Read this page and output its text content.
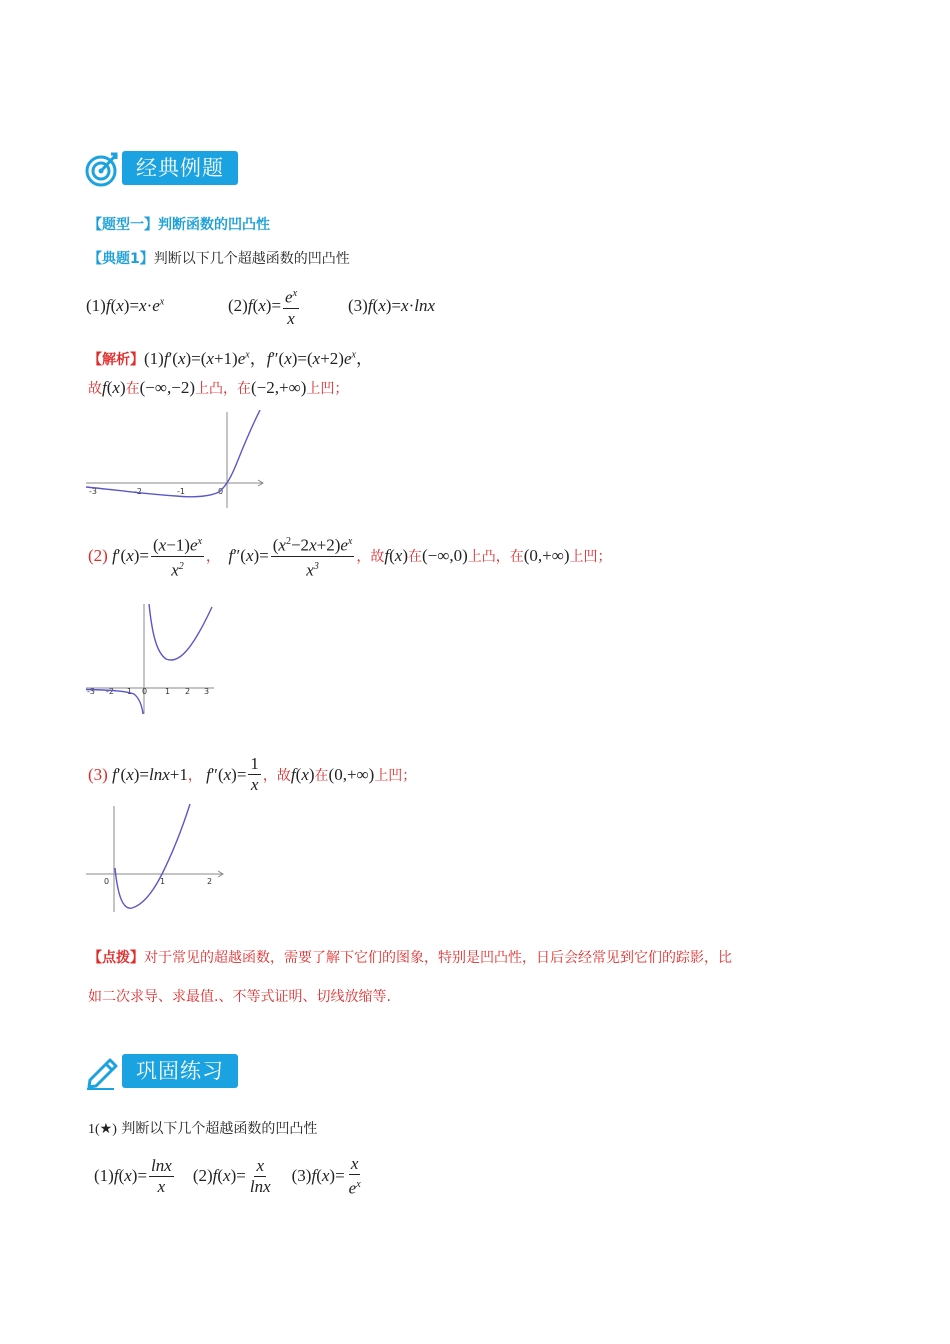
经典例题
【题型一】判断函数的凹凸性
【典题1】判断以下几个超越函数的凹凸性
$(1)f(x)=x\cdot e^x$	(2) f ( x )= $\frac{e^x}{x}$	(3)f(x)=x·lnx
【解析】$(1)f'(x)=(x+1)e^x$，$f''(x)=(x+2)e^x$，
故f(x)在(−∞,−2)上凸，在(−2,+∞)上凹；
-3	-2	-1	0
(2)
$f'(x)= \frac{(x-1)e^x}{x^2}$ ，
$f''(x)= \frac{(x^2-2x+2)e^x}{x^3}$ ，故 f(x) 在 (−∞,0) 上凸，在 (0,+∞) 上凹；
-3 -2 -1 0 1 2 3
(3)
f′(x)=lnx+1 ，
$f''(x)= \frac{1}{x}$ ，故 f(x) 在 (0,+∞) 上凹；
0	1	2
【点拨】对于常见的超越函数，需要了解下它们的图象，特别是凹凸性，日后会经常见到它们的踪影，比
如二次求导、求最值.、不等式证明、切线放缩等.
巩固练习
1(★) 判断以下几个超越函数的凹凸性
$(1)f(x)= \frac{\ln x}{x}$
$(2)f(x)= \frac{x}{\ln x}$
$(3)f(x)= \frac{x}{e^x}$
